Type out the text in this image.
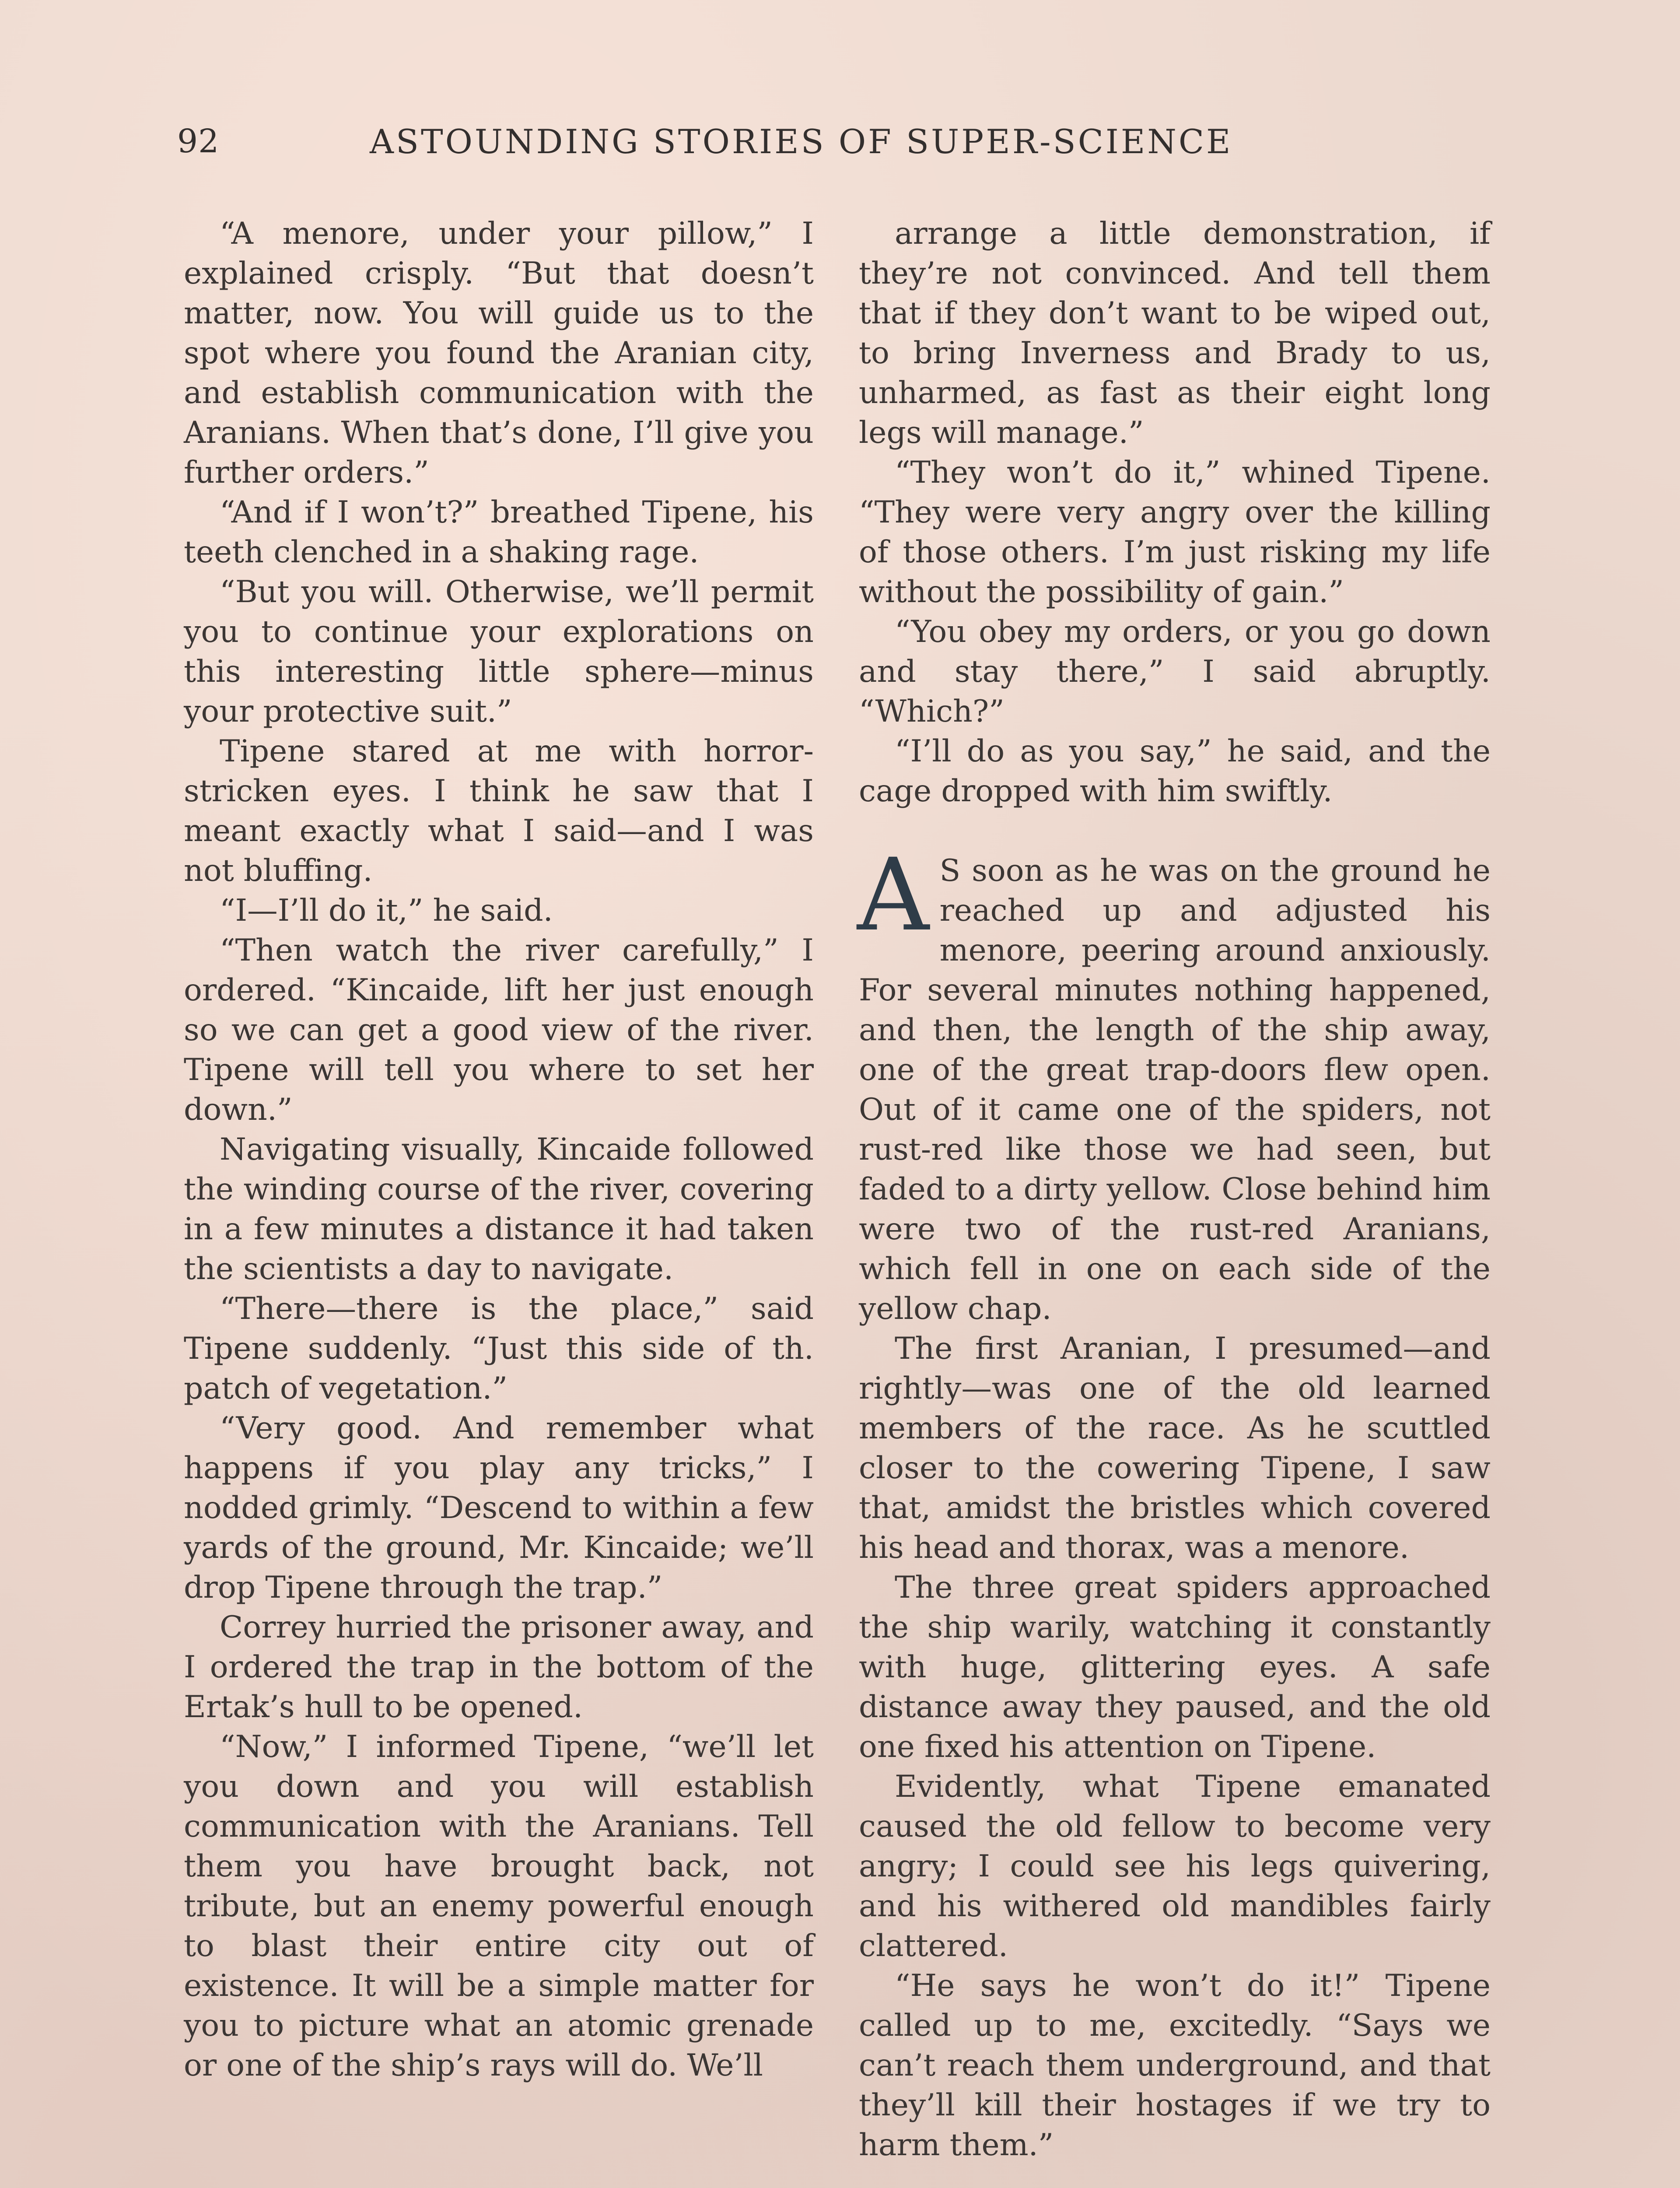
92	ASTOUNDING STORIES OF SUPER-SCIENCE

“A menore, under your pillow,” I explained crisply. “But that doesn’t matter, now. You will guide us to the spot where you found the Aranian city, and establish communication with the Aranians. When that’s done, I’ll give you further orders.”

“And if I won’t?” breathed Tipene, his teeth clenched in a shaking rage.

“But you will. Otherwise, we’ll permit you to continue your explorations on this interesting little sphere—minus your protective suit.”

Tipene stared at me with horror-stricken eyes. I think he saw that I meant exactly what I said—and I was not bluffing.

“I—I’ll do it,” he said.

“Then watch the river carefully,” I ordered. “Kincaide, lift her just enough so we can get a good view of the river. Tipene will tell you where to set her down.”

Navigating visually, Kincaide followed the winding course of the river, covering in a few minutes a distance it had taken the scientists a day to navigate.

“There—there is the place,” said Tipene suddenly. “Just this side of th. patch of vegetation.”

“Very good. And remember what happens if you play any tricks,” I nodded grimly. “Descend to within a few yards of the ground, Mr. Kincaide; we’ll drop Tipene through the trap.”

Correy hurried the prisoner away, and I ordered the trap in the bottom of the Ertak’s hull to be opened.

“Now,” I informed Tipene, “we’ll let you down and you will establish communication with the Aranians. Tell them you have brought back, not tribute, but an enemy powerful enough to blast their entire city out of existence. It will be a simple matter for you to picture what an atomic grenade or one of the ship’s rays will do. We’ll

arrange a little demonstration, if they’re not convinced. And tell them that if they don’t want to be wiped out, to bring Inverness and Brady to us, unharmed, as fast as their eight long legs will manage.”

“They won’t do it,” whined Tipene. “They were very angry over the killing of those others. I’m just risking my life without the possibility of gain.”

“You obey my orders, or you go down and stay there,” I said abruptly. “Which?”

“I’ll do as you say,” he said, and the cage dropped with him swiftly.

A S soon as he was on the ground he reached up and adjusted his menore, peering around anxiously. For several minutes nothing happened, and then, the length of the ship away, one of the great trap-doors flew open. Out of it came one of the spiders, not rust-red like those we had seen, but faded to a dirty yellow. Close behind him were two of the rust-red Aranians, which fell in one on each side of the yellow chap.

The first Aranian, I presumed—and rightly—was one of the old learned members of the race. As he scuttled closer to the cowering Tipene, I saw that, amidst the bristles which covered his head and thorax, was a menore.

The three great spiders approached the ship warily, watching it constantly with huge, glittering eyes. A safe distance away they paused, and the old one fixed his attention on Tipene.

Evidently, what Tipene emanated caused the old fellow to become very angry; I could see his legs quivering, and his withered old mandibles fairly clattered.

“He says he won’t do it!” Tipene called up to me, excitedly. “Says we can’t reach them underground, and that they’ll kill their hostages if we try to harm them.”
